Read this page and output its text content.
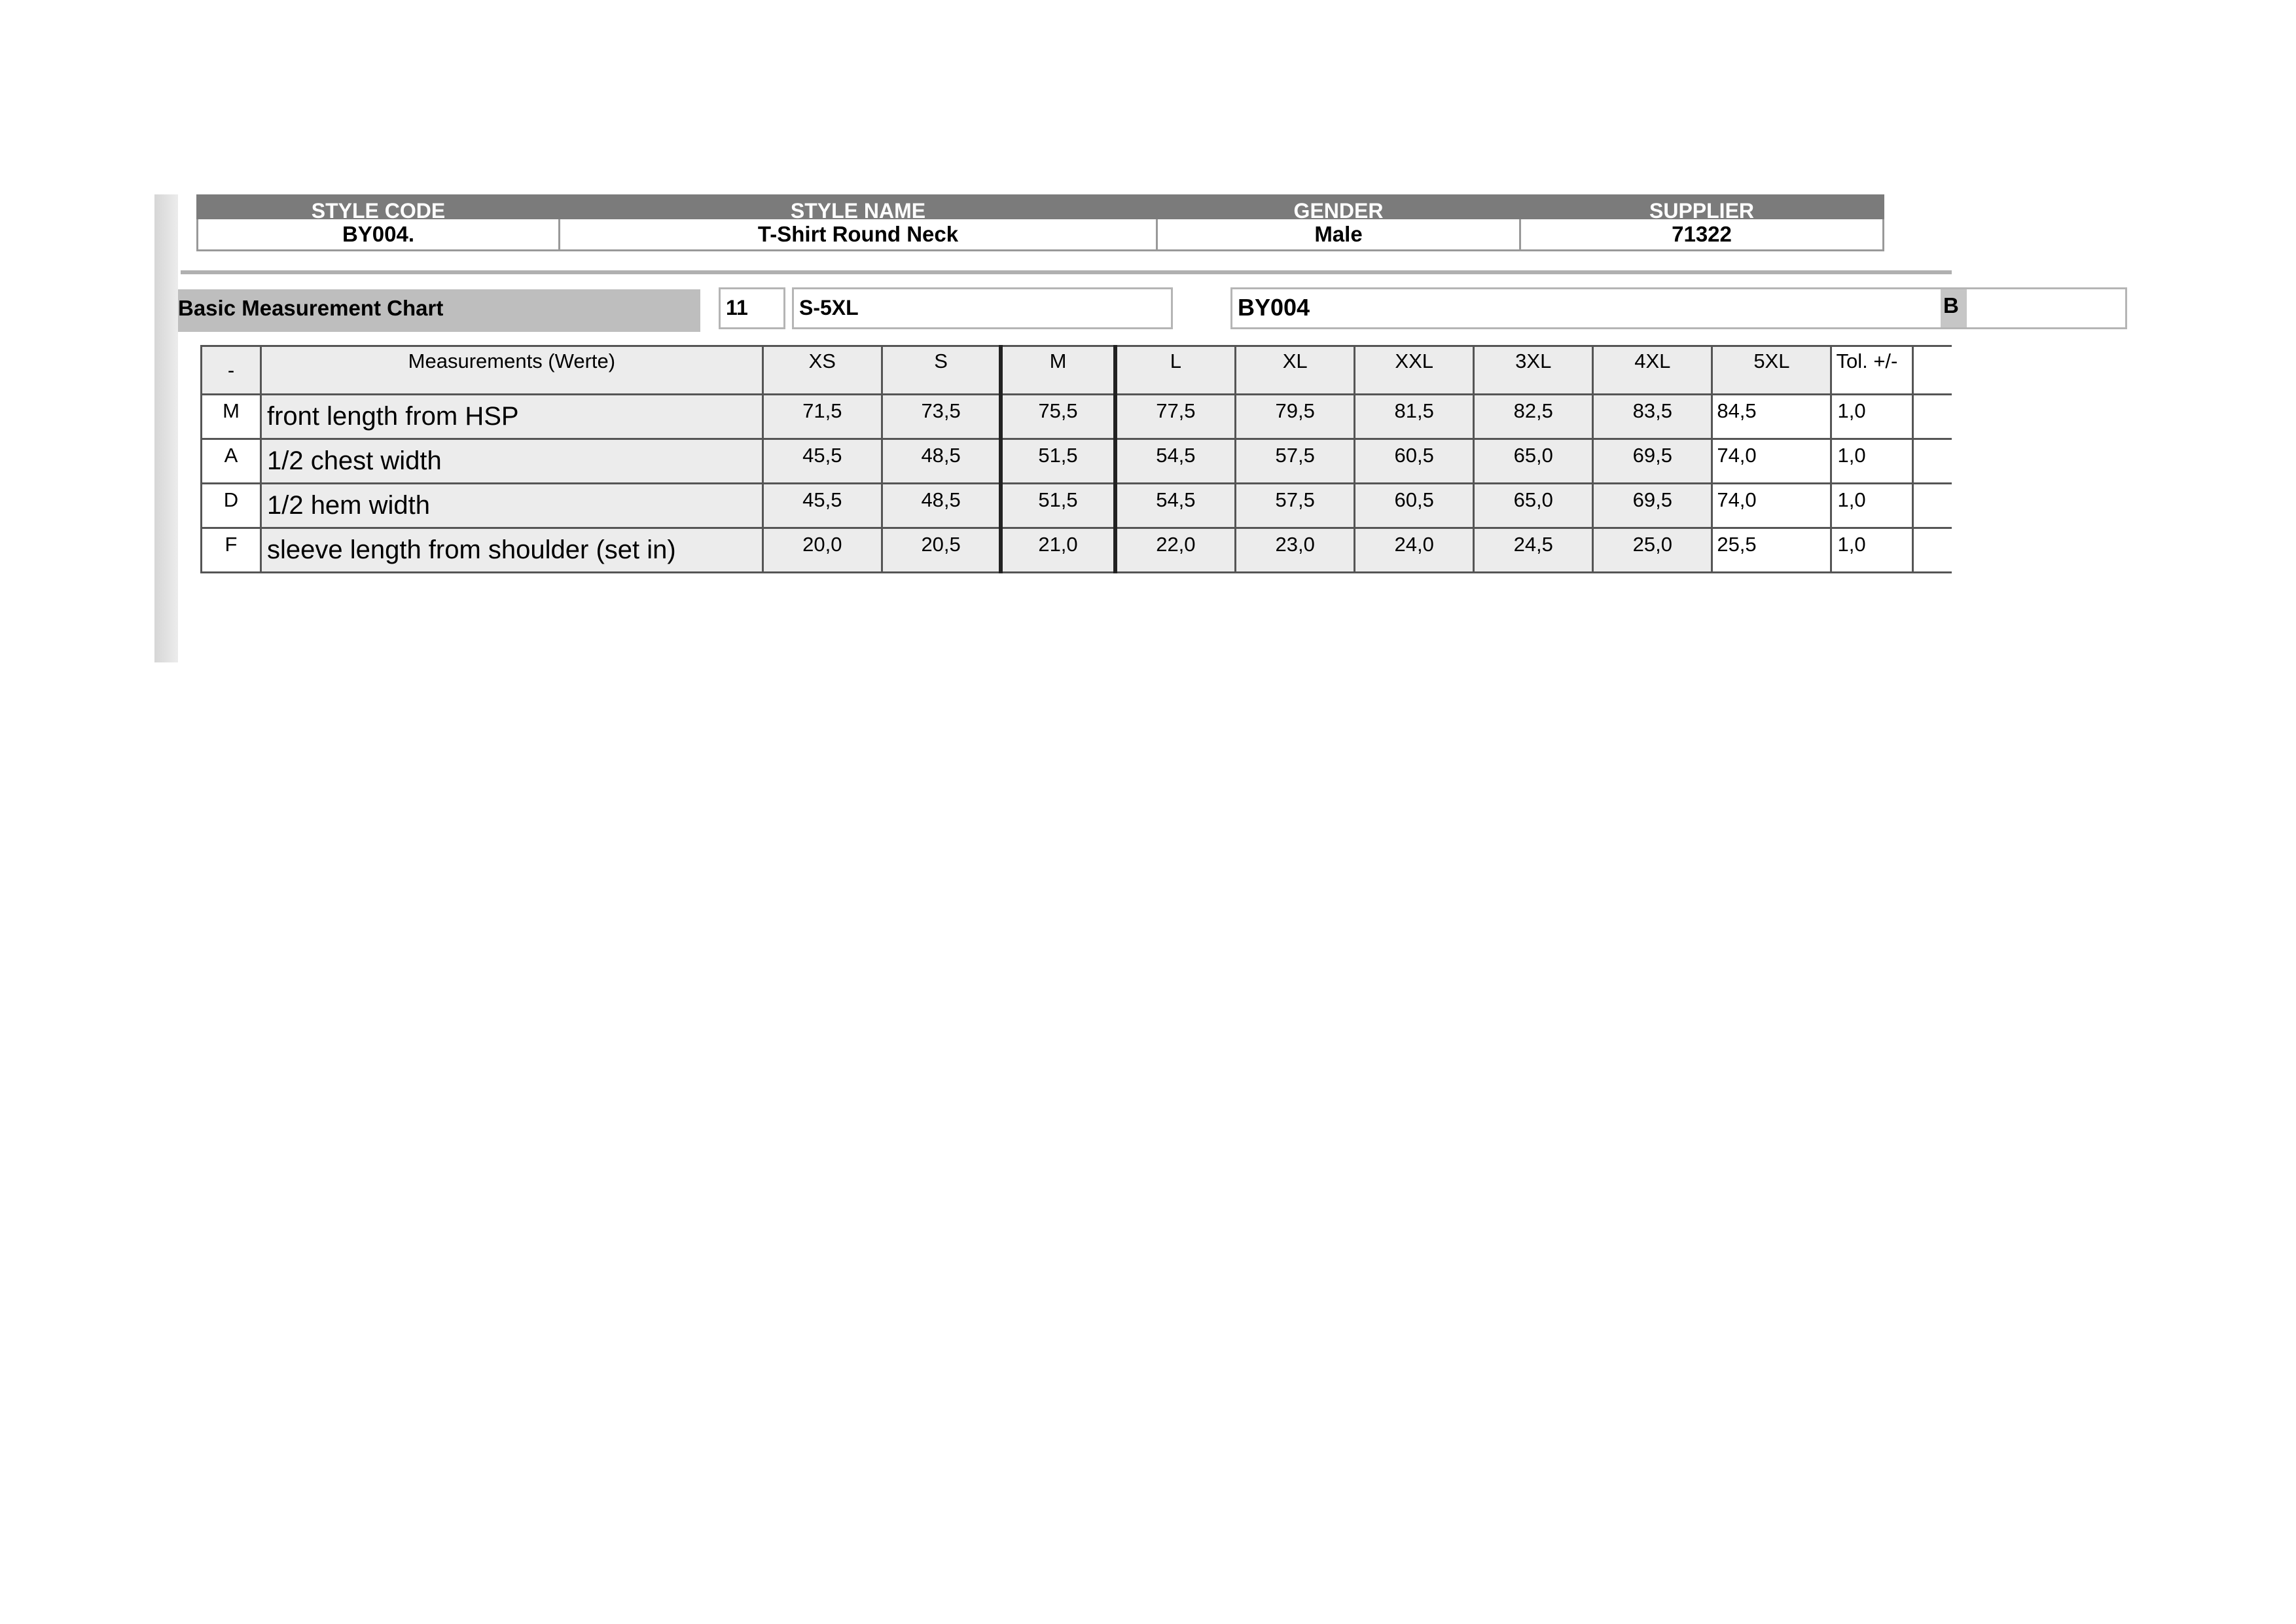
STYLE CODE	STYLE NAME	GENDER	SUPPLIER
BY004.	T-Shirt Round Neck	Male	71322
Basic Measurement Chart	11	S-5XL	BY004	B
-	Measurements (Werte)	XS	S	M	L	XL	XXL	3XL	4XL	5XL	Tol. +/-	
M	front length from HSP	71,5	73,5	75,5	77,5	79,5	81,5	82,5	83,5	84,5	1,0	
A	1/2 chest width	45,5	48,5	51,5	54,5	57,5	60,5	65,0	69,5	74,0	1,0	
D	1/2 hem width	45,5	48,5	51,5	54,5	57,5	60,5	65,0	69,5	74,0	1,0	
F	sleeve length from shoulder (set in)	20,0	20,5	21,0	22,0	23,0	24,0	24,5	25,0	25,5	1,0	
